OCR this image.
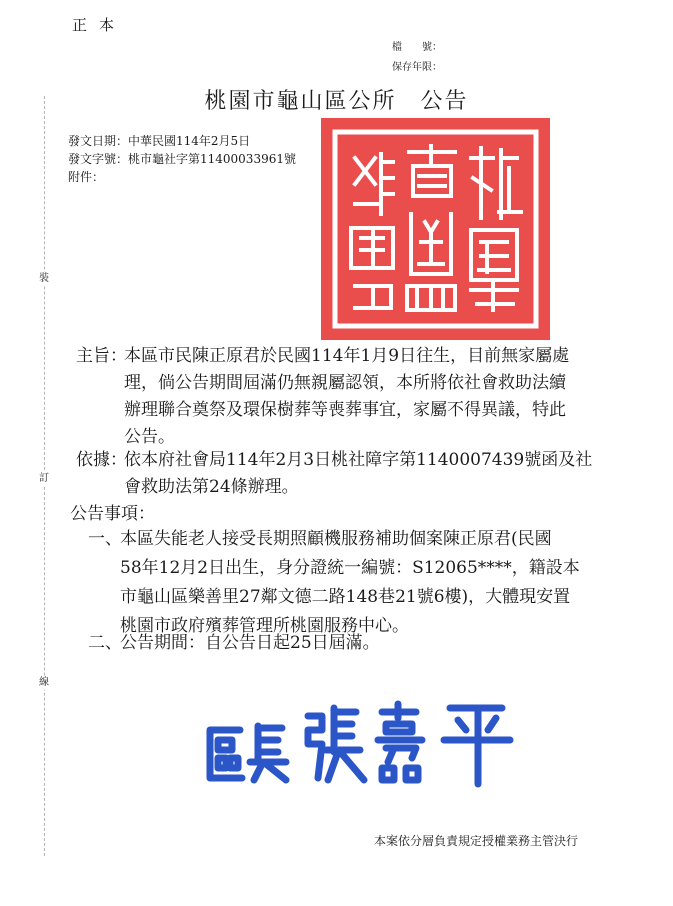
正本
檔　　號：
保存年限：
桃園市龜山區公所　公告
發文日期：中華民國114年2月5日
發文字號：桃市龜社字第11400033961號
附件：
裝
訂
線
主旨：
本區市民陳正原君於民國114年1月9日往生，目前無家屬處
理，倘公告期間屆滿仍無親屬認領，本所將依社會救助法續
辦理聯合奠祭及環保樹葬等喪葬事宜，家屬不得異議，特此
公告。
依據：
依本府社會局114年2月3日桃社障字第1140007439號函及社
會救助法第24條辦理。
公告事項：
一、
本區失能老人接受長期照顧機服務補助個案陳正原君(民國
58年12月2日出生，身分證統一編號：S12065****，籍設本
市龜山區樂善里27鄰文德二路148巷21號6樓)，大體現安置
桃園市政府殯葬管理所桃園服務中心。
二、
公告期間：自公告日起25日屆滿。
本案依分層負責規定授權業務主管決行
